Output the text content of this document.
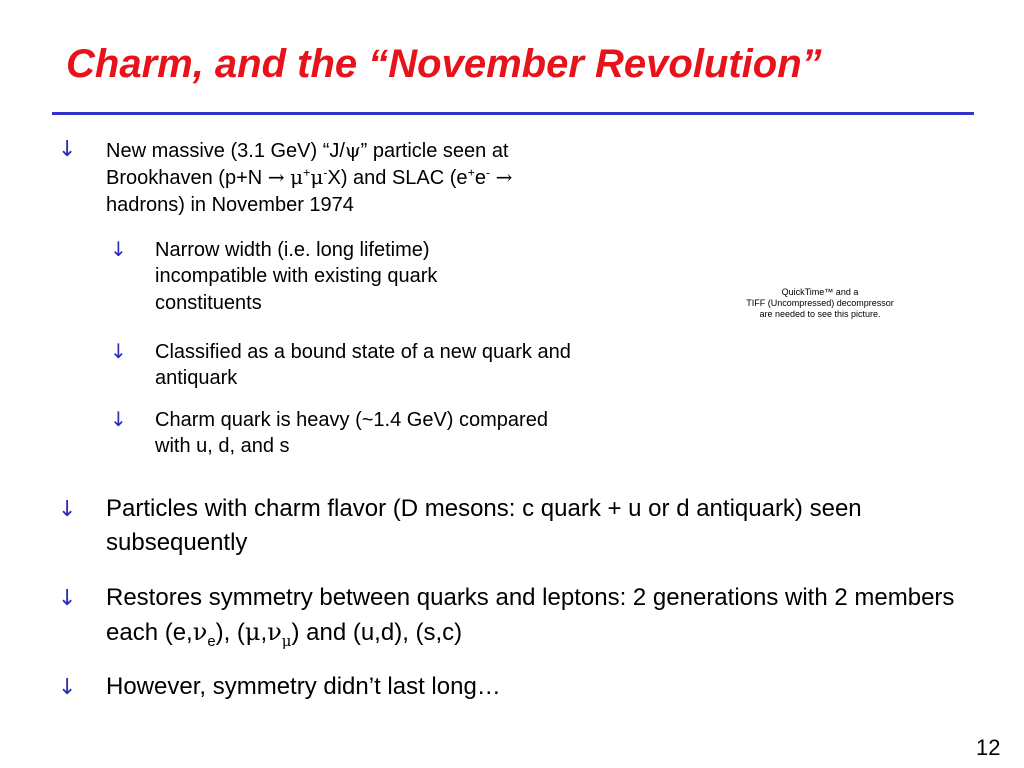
Charm, and the “November Revolution”
↓ New massive (3.1 GeV) “J/ψ” particle seen at
Brookhaven (p+N → μ+μ-X) and SLAC (e+e- →
hadrons) in November 1974
↓ Narrow width (i.e. long lifetime) incompatible with existing quark constituents
↓ Classified as a bound state of a new quark and antiquark
↓ Charm quark is heavy (~1.4 GeV) compared with u, d, and s
QuickTime™ and a
TIFF (Uncompressed) decompressor
are needed to see this picture.
↓ Particles with charm flavor (D mesons: c quark + u or d antiquark) seen subsequently
↓ Restores symmetry between quarks and leptons: 2 generations with 2 members each $(e,\nu_e)$, $(\mu,\nu_\mu)$ and (u,d), (s,c)
↓ However, symmetry didn’t last long…
12
